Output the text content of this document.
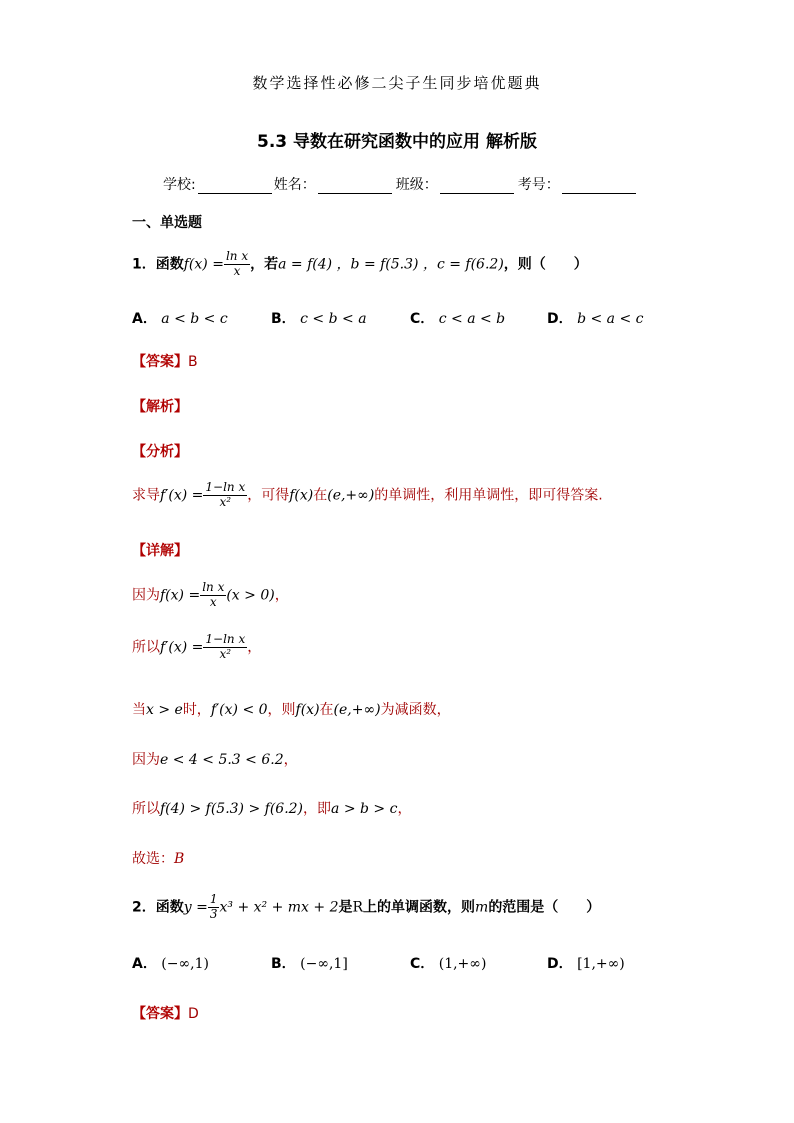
数学选择性必修二尖子生同步培优题典
5.3 导数在研究函数中的应用 解析版
学校:	姓名：	班级：	考号：
一、单选题
1．函数$f(x) = \frac{\text{ln x}}{x}$ ，若a = f(4) ，b = f(5.3) ，c = f(6.2)，则（　　）
A． a < b < c	B． c < b < a	C． c < a < b	D． b < a < c
【答案】B
【解析】
【分析】
求导$f'(x) = \frac{\text{1−ln x}}{\text{x²}}$ ，可得f(x)在(e,+∞)的单调性，利用单调性，即可得答案.
【详解】
因为$f(x) = \frac{\text{ln x}}{x} (x > 0)$，
所以$f'(x) = \frac{\text{1−ln x}}{\text{x²}}$ ，
当x > e时，f′(x) < 0，则f(x)在(e,+∞)为减函数，
因为e < 4 < 5.3 < 6.2，
所以f(4) > f(5.3) > f(6.2)，即a > b > c，
故选：B
2．函数$y = \frac{1}{3} x^3 + x^2$ + mx + 2是R上的单调函数，则m的范围是（　　）
A． (−∞,1)	B． (−∞,1]	C． (1,+∞)	D． [1,+∞)
【答案】D
